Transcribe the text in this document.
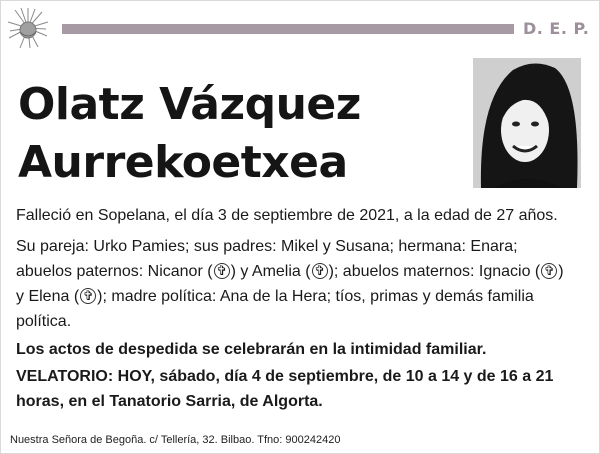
D. E. P.
Olatz Vázquez
Aurrekoetxea
Falleció en Sopelana, el día 3 de septiembre de 2021, a la edad de 27 años.
Su pareja: Urko Pamies; sus padres: Mikel y Susana; hermana: Enara; abuelos paternos: Nicanor ( ✞ ) y Amelia ( ✞ ); abuelos maternos: Ignacio ( ✞ ) y Elena ( ✞ ); madre política: Ana de la Hera; tíos, primas y demás familia política.
Los actos de despedida se celebrarán en la intimidad familiar.
VELATORIO: HOY, sábado, día 4 de septiembre, de 10 a 14 y de 16 a 21 horas, en el Tanatorio Sarria, de Algorta.
Nuestra Señora de Begoña. c/ Tellería, 32. Bilbao. Tfno: 900242420
